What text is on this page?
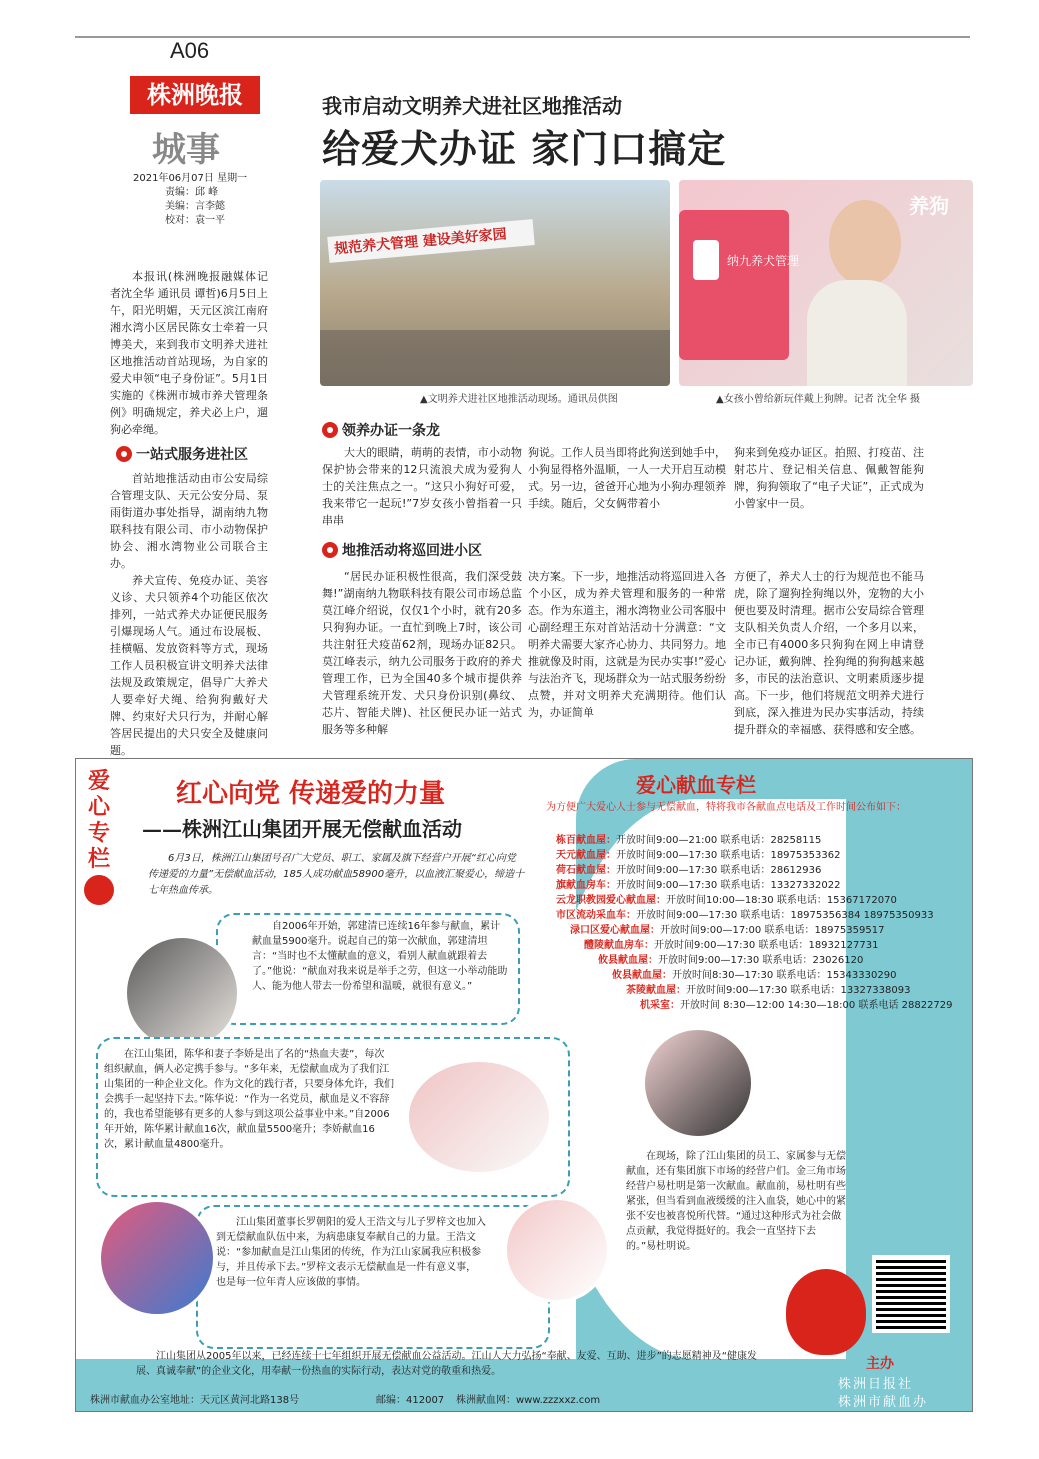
A06
株洲晚报
城事
2021年06月07日 星期一
责编：邱 峰
美编：言李懿
校对：袁一平
我市启动文明养犬进社区地推活动
给爱犬办证 家门口搞定
规范养犬管理 建设美好家园
▲文明养犬进社区地推活动现场。通讯员供图
纳九养犬管理
养狗
▲女孩小曾给新玩伴戴上狗牌。记者 沈全华 摄

本报讯(株洲晚报融媒体记者沈全华 通讯员 谭哲)6月5日上午，阳光明媚，天元区滨江南府湘水湾小区居民陈女士牵着一只博美犬，来到我市文明养犬进社区地推活动首站现场，为自家的爱犬申领“电子身份证”。5月1日实施的《株洲市城市养犬管理条例》明确规定，养犬必上户，遛狗必牵绳。

一站式服务进社区

首站地推活动由市公安局综合管理支队、天元公安分局、泵雨街道办事处指导，湖南纳九物联科技有限公司、市小动物保护协会、湘水湾物业公司联合主办。

养犬宣传、免疫办证、美容义诊、犬只领养4个功能区依次排列，一站式养犬办证便民服务引爆现场人气。通过布设展板、挂横幅、发放资料等方式，现场工作人员积极宣讲文明养犬法律法规及政策规定，倡导广大养犬人要牵好犬绳、给狗狗戴好犬牌、约束好犬只行为，并耐心解答居民提出的犬只安全及健康问题。

领养办证一条龙

大大的眼睛，萌萌的表情，市小动物保护协会带来的12只流浪犬成为爱狗人士的关注焦点之一。“这只小狗好可爱，我来带它一起玩!”7岁女孩小曾指着一只串串

狗说。工作人员当即将此狗送到她手中，小狗显得格外温顺，一人一犬开启互动模式。另一边，爸爸开心地为小狗办理领养手续。随后，父女俩带着小

狗来到免疫办证区。拍照、打疫苗、注射芯片、登记相关信息、佩戴智能狗牌，狗狗领取了“电子犬证”，正式成为小曾家中一员。

地推活动将巡回进小区

“居民办证积极性很高，我们深受鼓舞!”湖南纳九物联科技有限公司市场总监莫江峰介绍说，仅仅1个小时，就有20多只狗狗办证。一直忙到晚上7时，该公司共注射狂犬疫苗62剂，现场办证82只。莫江峰表示，纳九公司服务于政府的养犬管理工作，已为全国40多个城市提供养犬管理系统开发、犬只身份识别(鼻纹、芯片、智能犬牌)、社区便民办证一站式服务等多种解

决方案。下一步，地推活动将巡回进入各个小区，成为养犬管理和服务的一种常态。作为东道主，湘水湾物业公司客服中心副经理王东对首站活动十分满意：“文明养犬需要大家齐心协力、共同努力。地推就像及时雨，这就是为民办实事!”爱心与法治齐飞，现场群众为一站式服务纷纷点赞，并对文明养犬充满期待。他们认为，办证简单

方便了，养犬人士的行为规范也不能马虎，除了遛狗拴狗绳以外，宠物的大小便也要及时清理。据市公安局综合管理支队相关负责人介绍，一个多月以来，全市已有4000多只狗狗在网上申请登记办证，戴狗牌、拴狗绳的狗狗越来越多，市民的法治意识、文明素质逐步提高。下一步，他们将规范文明养犬进行到底，深入推进为民办实事活动，持续提升群众的幸福感、获得感和安全感。

爱心专栏
红心向党 传递爱的力量
——株洲江山集团开展无偿献血活动
6月3日，株洲江山集团号召广大党员、职工、家属及旗下经营户开展“红心向党 传递爱的力量”无偿献血活动，185人成功献血58900毫升，以血液汇聚爱心，缔造十七年热血传承。
自2006年开始，郭建清已连续16年参与献血，累计献血量5900毫升。说起自己的第一次献血，郭建清坦言：“当时也不太懂献血的意义，看别人献血就跟着去了。”他说：“献血对我来说是举手之劳，但这一小举动能助人、能为他人带去一份希望和温暖，就很有意义。”
在江山集团，陈华和妻子李娇是出了名的“热血夫妻”，每次组织献血，俩人必定携手参与。“多年来，无偿献血成为了我们江山集团的一种企业文化。作为文化的践行者，只要身体允许，我们会携手一起坚持下去。”陈华说：“作为一名党员，献血是义不容辞的，我也希望能够有更多的人参与到这项公益事业中来。”自2006年开始，陈华累计献血16次，献血量5500毫升；李娇献血16次，累计献血量4800毫升。
江山集团董事长罗朝阳的爱人王浩文与儿子罗梓文也加入到无偿献血队伍中来，为病患康复奉献自己的力量。王浩文说：“参加献血是江山集团的传统，作为江山家属我应积极参与，并且传承下去。”罗梓文表示无偿献血是一件有意义事，也是每一位年青人应该做的事情。
爱心献血专栏
为方便广大爱心人士参与无偿献血，特将我市各献血点电话及工作时间公布如下：
栋百献血屋：开放时间9:00—21:00 联系电话：28258115
天元献血屋：开放时间9:00—17:30 联系电话：18975353362
荷石献血屋：开放时间9:00—17:30 联系电话：28612936
旗献血房车：开放时间9:00—17:30 联系电话：13327332022
云龙职教园爱心献血屋：开放时间10:00—18:30 联系电话：15367172070
市区流动采血车：开放时间9:00—17:30 联系电话：18975356384 18975350933
渌口区爱心献血屋：开放时间9:00—17:00 联系电话：18975359517
醴陵献血房车：开放时间9:00—17:30 联系电话：18932127731
攸县献血屋：开放时间9:00—17:30 联系电话：23026120
攸县献血屋：开放时间8:30—17:30 联系电话：15343330290
茶陵献血屋：开放时间9:00—17:30 联系电话：13327338093
机采室：开放时间 8:30—12:00 14:30—18:00 联系电话 28822729
在现场，除了江山集团的员工、家属参与无偿献血，还有集团旗下市场的经营户们。金三角市场经营户易杜明是第一次献血。献血前，易杜明有些紧张，但当看到血液缓缓的注入血袋，她心中的紧张不安也被喜悦所代替。“通过这种形式为社会做点贡献，我觉得挺好的。我会一直坚持下去的。”易杜明说。
主办
株洲日报社
株洲市献血办
江山集团从2005年以来，已经连续十七年组织开展无偿献血公益活动。江山人大力弘扬“奉献、友爱、互助、进步”的志愿精神及“健康发展、真诚奉献”的企业文化，用奉献一份热血的实际行动，表达对党的敬重和热爱。
株洲市献血办公室地址：天元区黄河北路138号	邮编：412007 株洲献血网：www.zzzxxz.com
